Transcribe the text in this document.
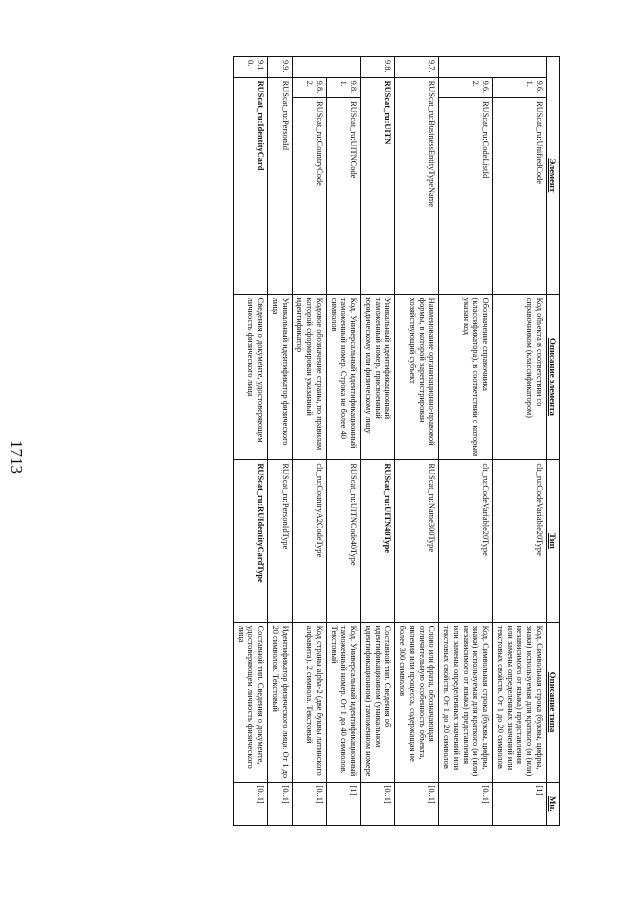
1713
Элемент			Описание элемента	Тип	Описание типа	Мн.
	9.6.1.	RUScat_ru:UnifiedCode	Код объекта в соответствии со справочником (классификатором)	clt_ru:CodeVariable20Type	Код. Символьная строка (буквы, цифры, знаки) используемая для краткого (и (или) независимого от языка) представления или замены определенных значений или текстовых свойств. От 1 до 20 символов	[1]
	9.6.2.	RUScat_ru:CodeListId	Обозначение справочника (классификатора), в соответствии с которым указан код	clt_ru:CodeVariable20Type	Код. Символьная строка (буквы, цифры, знаки) используемая для краткого (и (или) независимого от языка) представления или замены определенных значений или текстовых свойств. От 1 до 20 символов	[0..1]
9.7.	RUScat_ru:BusinessEntityTypeName		Наименование организационно-правовой формы, в которой зарегистрирован хозяйствующий субъект	RUScat_ru:Name300Type	Слово или фраза, обозначающая отличительную особенность объекта, явления или процесса, содержащая не более 300 символов	[0..1]
9.8.	RUScat_ru:UITN		Уникальный идентификационный таможенный номер, присвоенный юридическому или физическому лицу	RUScat_ru:UITN40Type	Составной тип. Сведения об идентификационном (уникальном идентификационном) таможенном номере	[0..1]
	9.8.1.	RUScat_ru:UITNCode	Код. Универсальный идентификационный таможенный номер. Строка не более 40 символов	RUScat_ru:UITNCode40Type	Код. Универсальный идентификационный таможенный номер. От 1 до 40 символов. Текстовый	[1]
	9.8.2.	RUScat_ru:CountryCode	Кодовое обозначение страны, по правилам которой сформирован указанный идентификатор	clt_ru:CountryA2CodeType	Код страны alpha-2 (две буквы латинского алфавита). 2 символа. Текстовый	[0..1]
9.9.	RUScat_ru:PersonId		Уникальный идентификатор физического лица	RUScat_ru:PersonIdType	Идентификатор физического лица. От 1 до 20 символов. Текстовый	[0..1]
9.10.	RUScat_ru:IdentityCard		Сведения о документе, удостоверяющем личность физического лица	RUScat_ru:RUIdentityCardType	Составной тип. Сведения о документе, удостоверяющем личность физического лица	[0..1]
